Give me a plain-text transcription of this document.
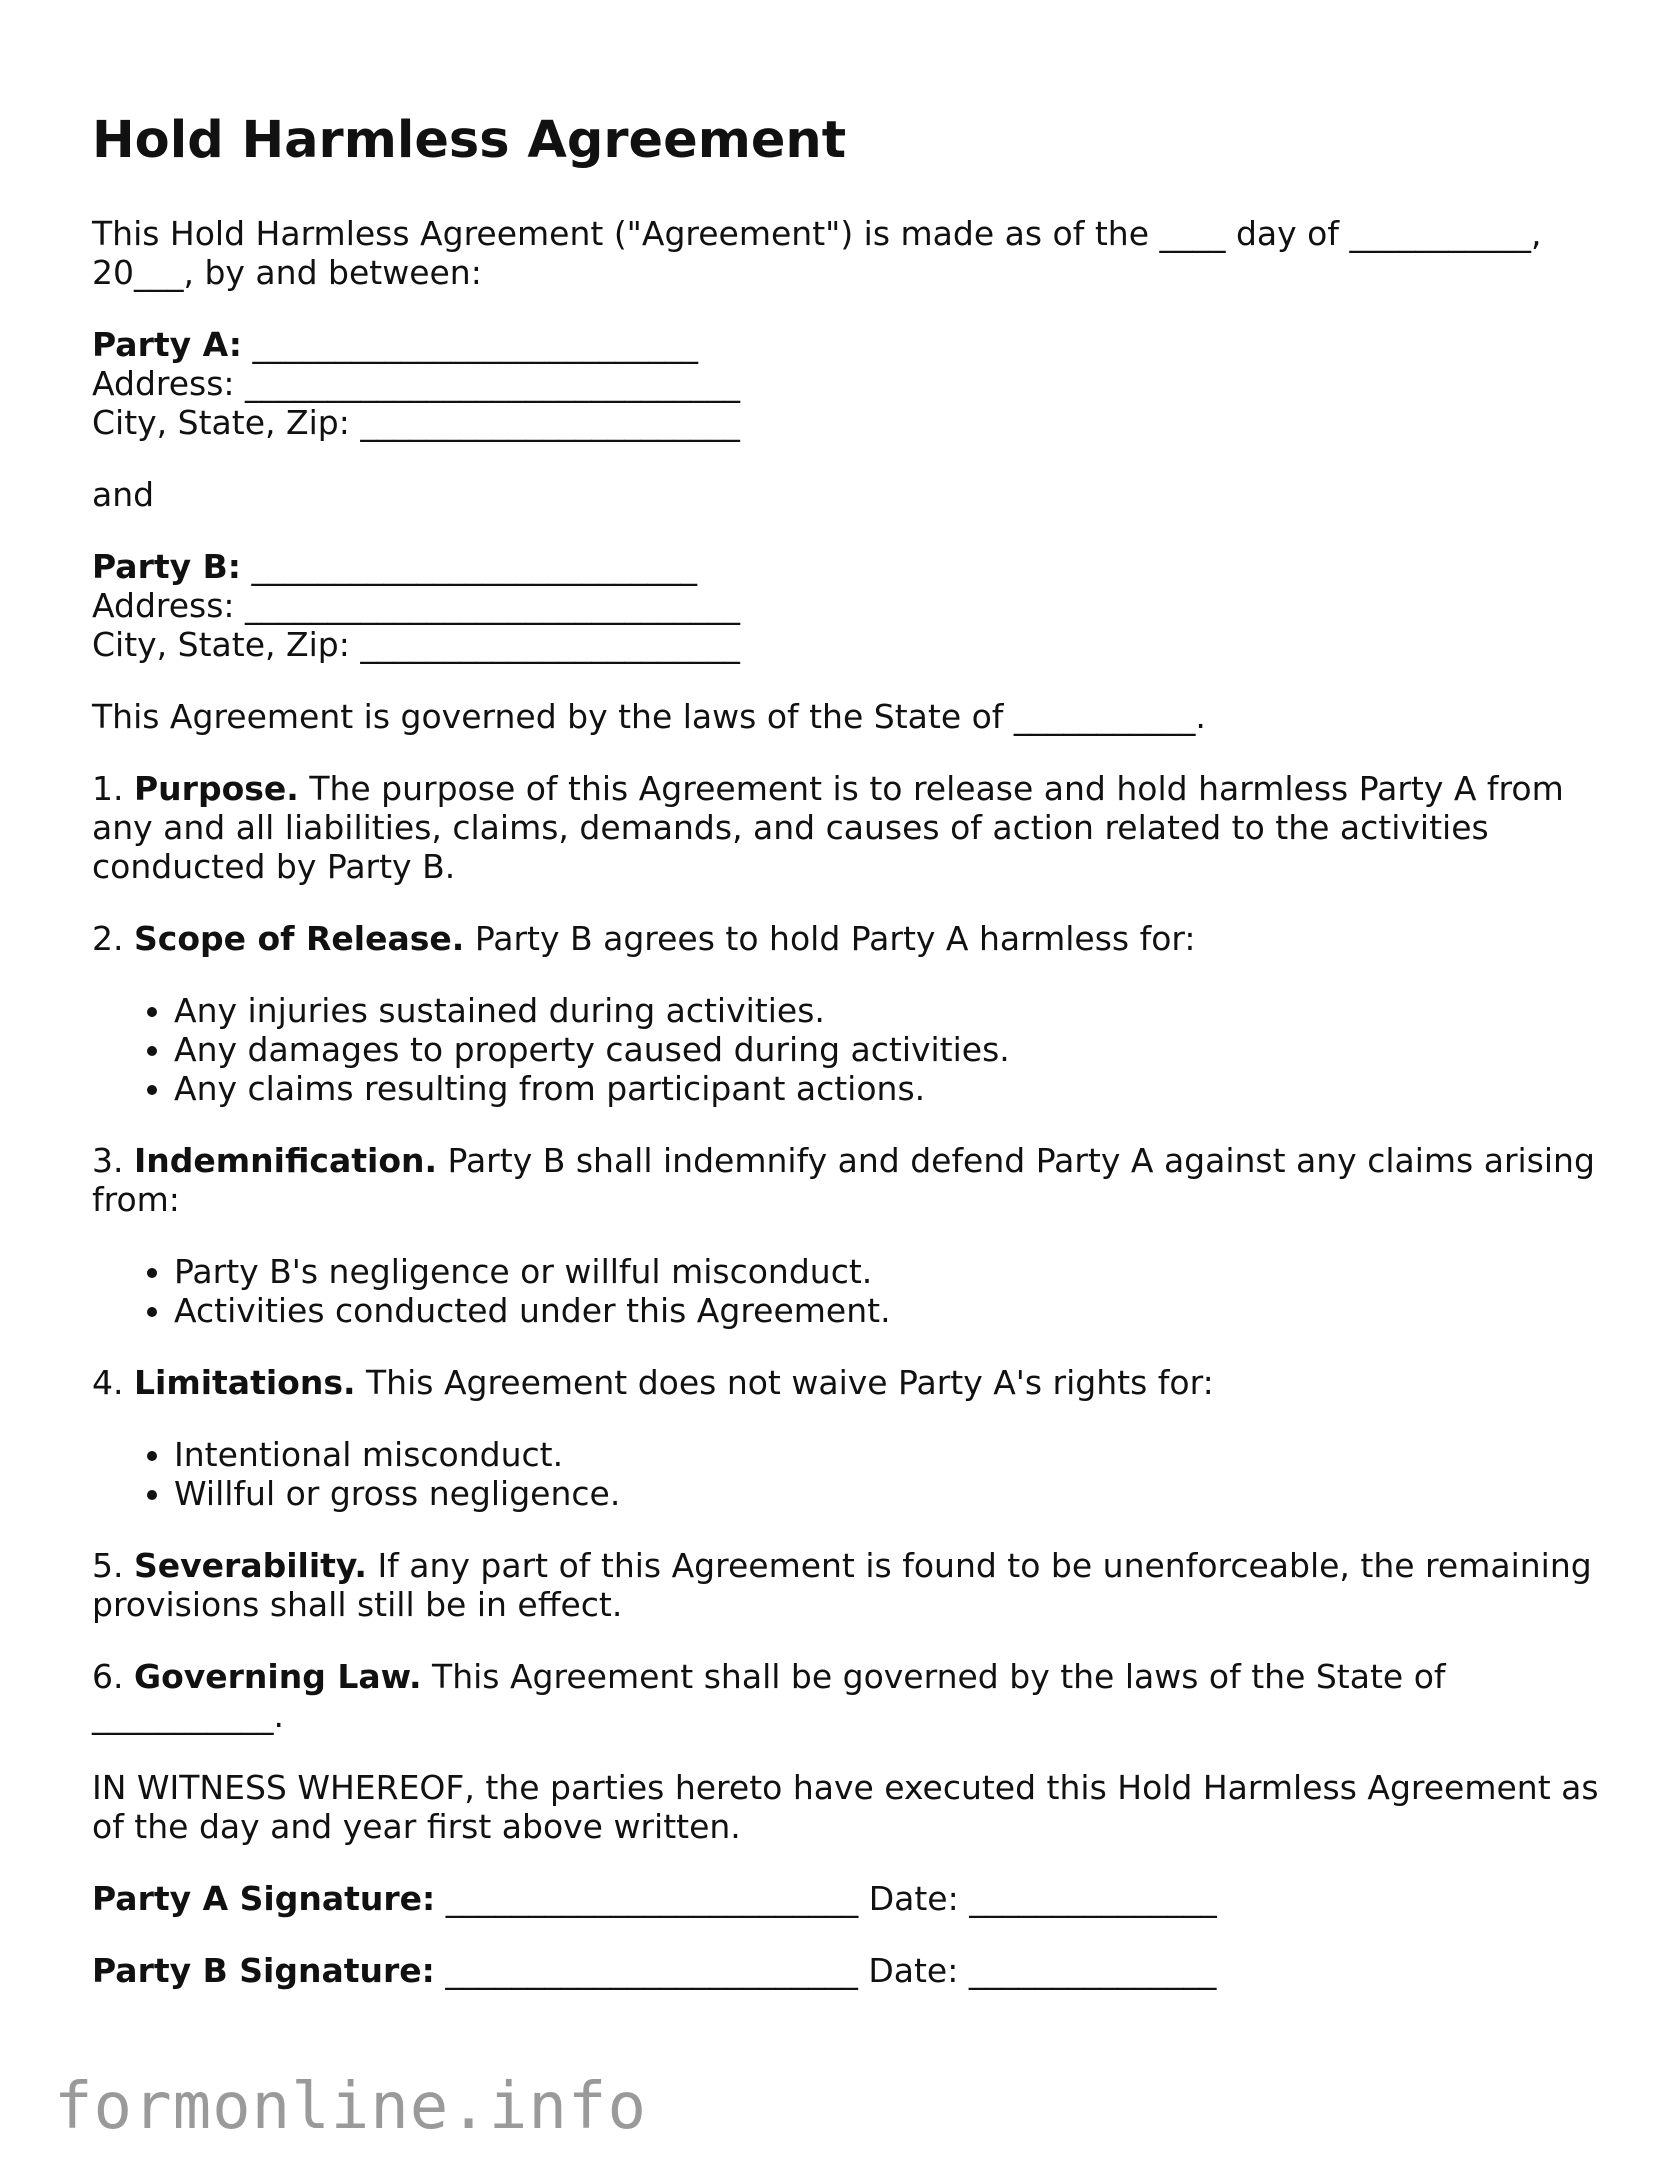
Hold Harmless Agreement

This Hold Harmless Agreement ("Agreement") is made as of the ____ day of ___________, 20___, by and between:

Party A: ___________________________
Address: ______________________________
City, State, Zip: _______________________

and

Party B: ___________________________
Address: ______________________________
City, State, Zip: _______________________

This Agreement is governed by the laws of the State of ___________.

1. Purpose. The purpose of this Agreement is to release and hold harmless Party A from any and all liabilities, claims, demands, and causes of action related to the activities conducted by Party B.

2. Scope of Release. Party B agrees to hold Party A harmless for:

• Any injuries sustained during activities.
• Any damages to property caused during activities.
• Any claims resulting from participant actions.

3. Indemnification. Party B shall indemnify and defend Party A against any claims arising from:

• Party B's negligence or willful misconduct.
• Activities conducted under this Agreement.

4. Limitations. This Agreement does not waive Party A's rights for:

• Intentional misconduct.
• Willful or gross negligence.

5. Severability. If any part of this Agreement is found to be unenforceable, the remaining provisions shall still be in effect.

6. Governing Law. This Agreement shall be governed by the laws of the State of ___________.

IN WITNESS WHEREOF, the parties hereto have executed this Hold Harmless Agreement as of the day and year first above written.

Party A Signature: _________________________ Date: _______________
Party B Signature: _________________________ Date: _______________
formonline.info
